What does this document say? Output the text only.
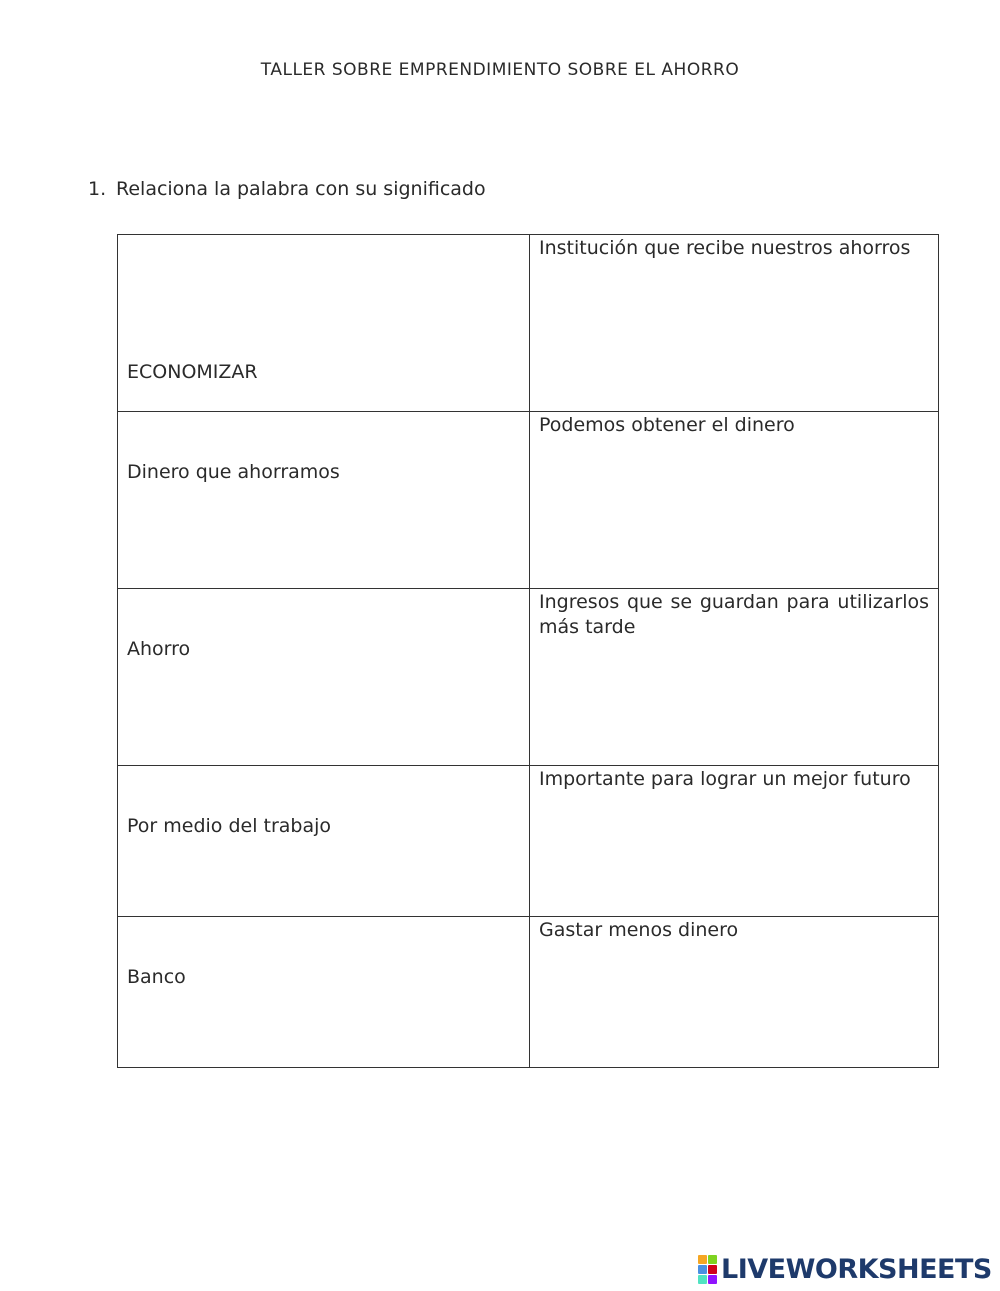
TALLER SOBRE EMPRENDIMIENTO SOBRE EL AHORRO
1. Relaciona la palabra con su significado
ECONOMIZAR	Institución que recibe nuestros ahorros

Dinero que ahorramos	Podemos obtener el dinero

Ahorro	Ingresos que se guardan para utilizarlos más tarde

Por medio del trabajo	Importante para lograr un mejor futuro

Banco	Gastar menos dinero
LIVEWORKSHEETS
